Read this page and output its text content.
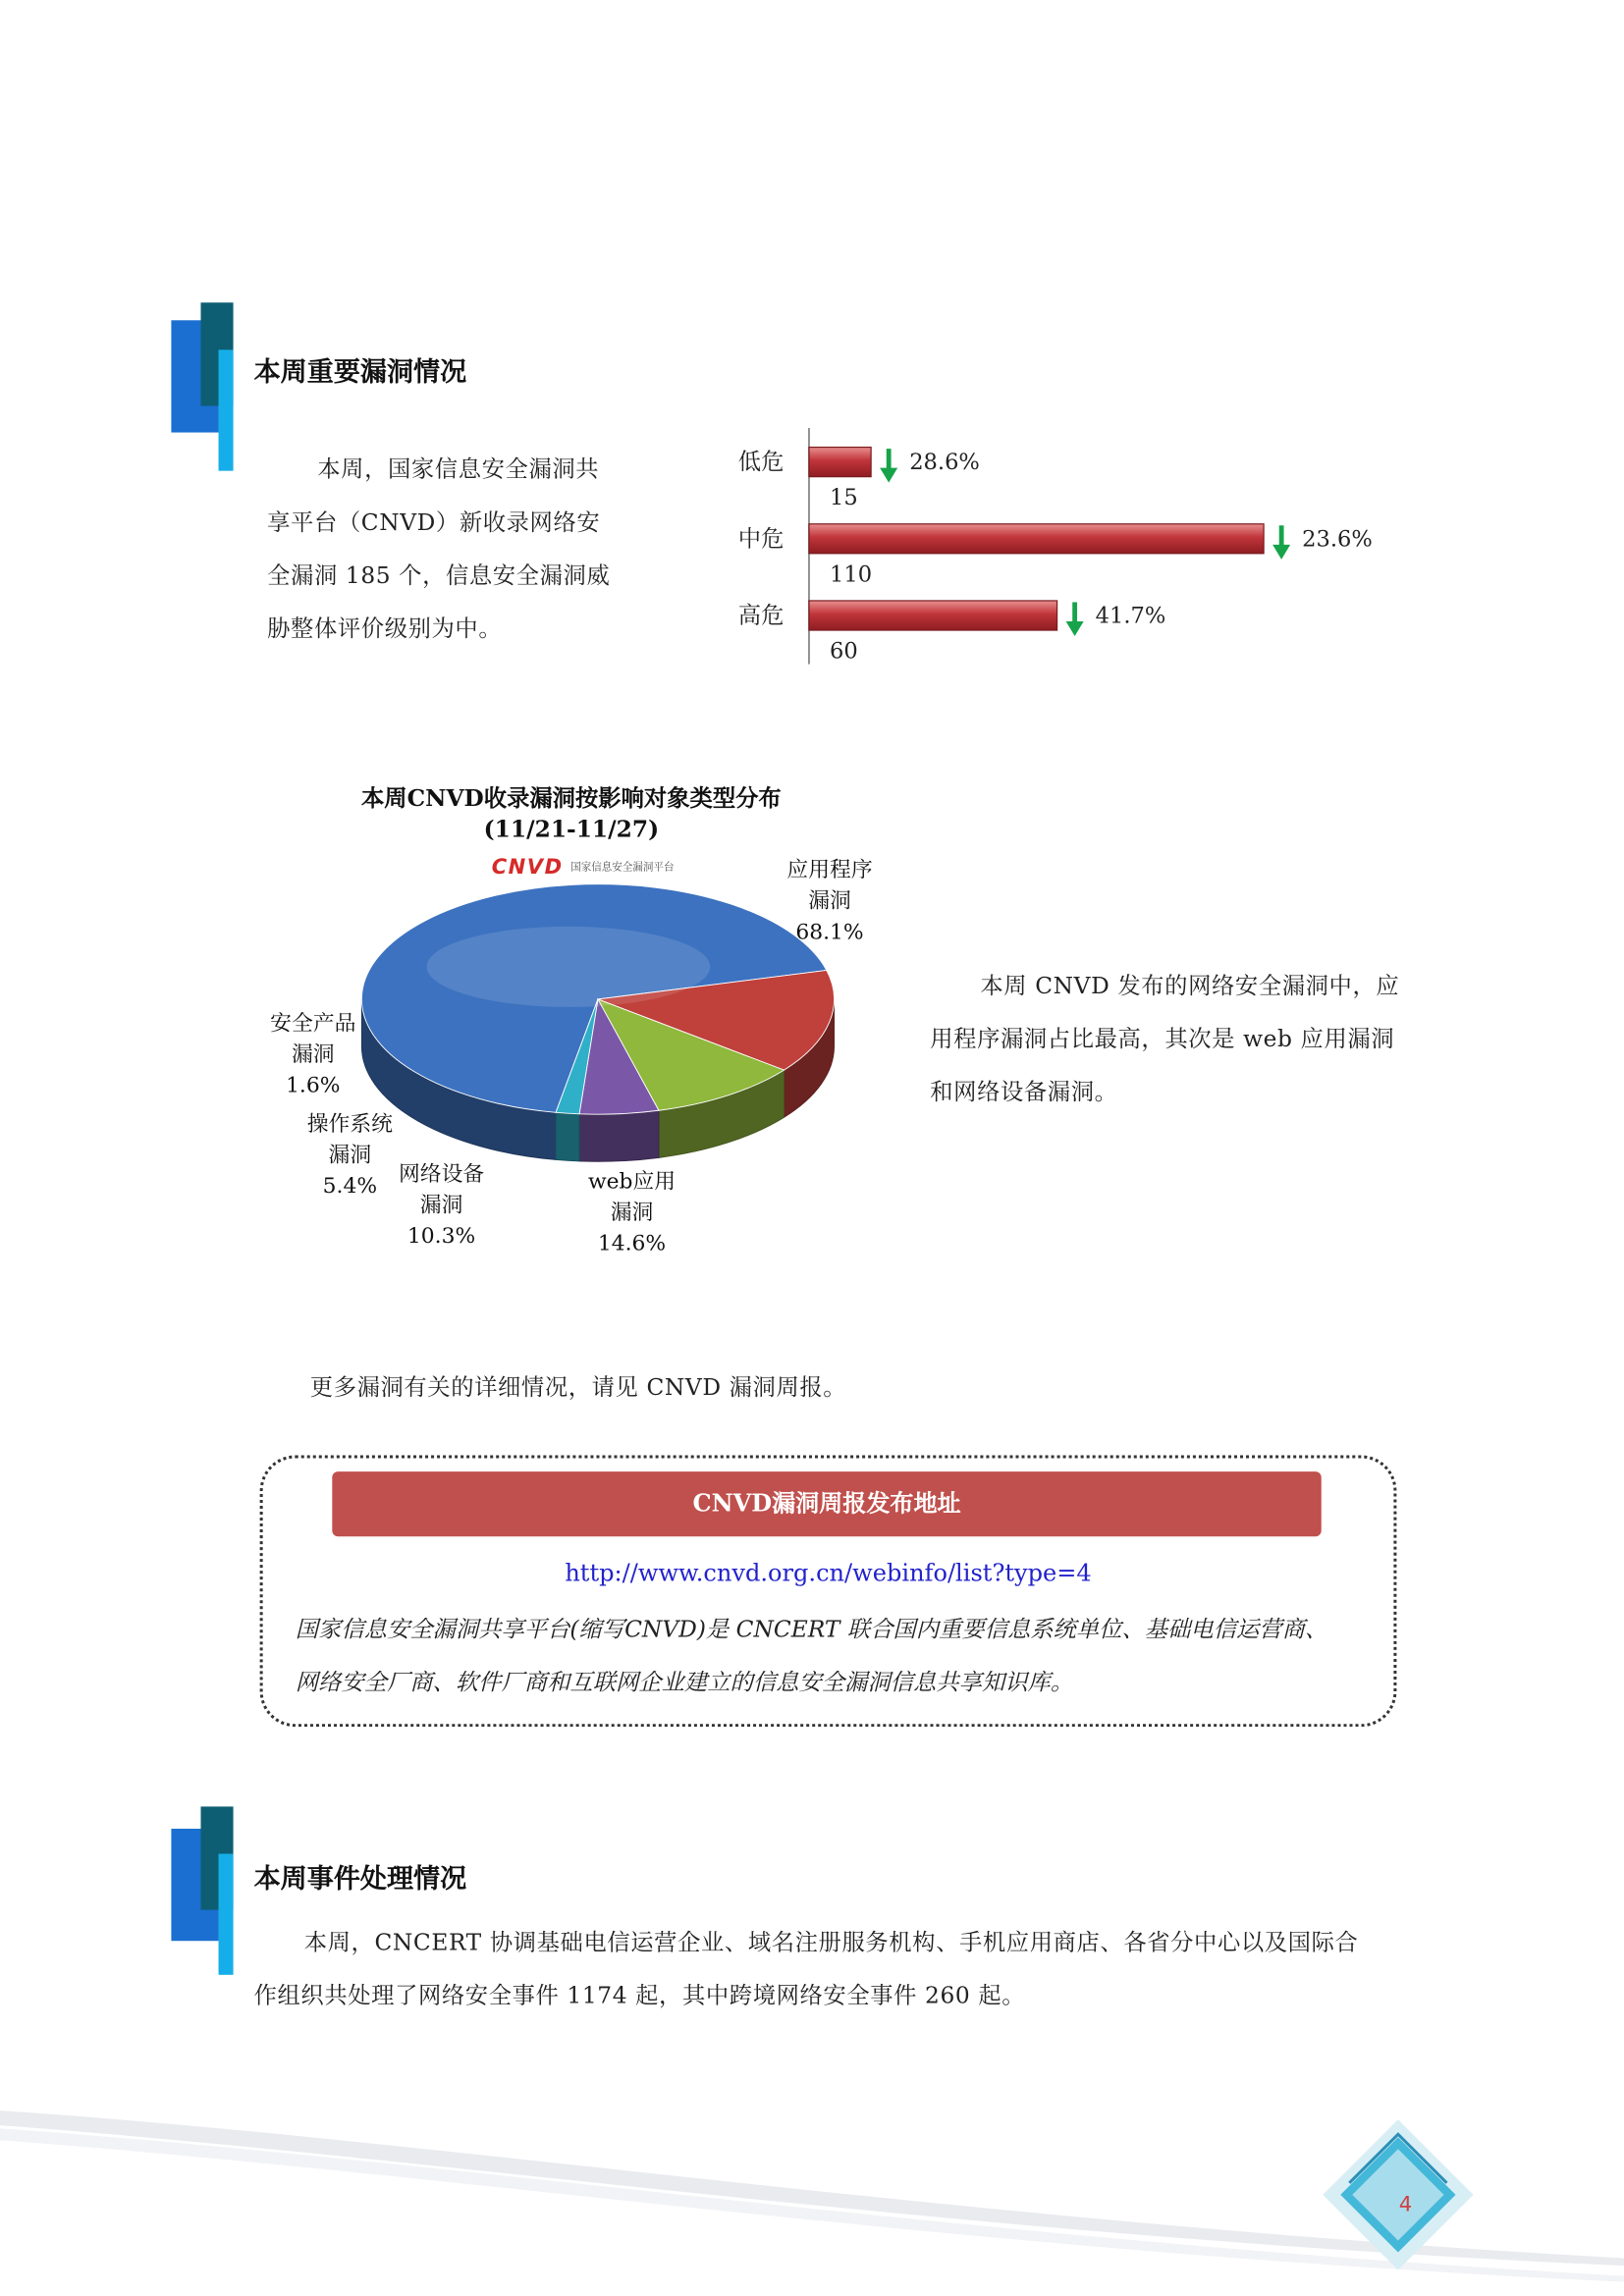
本周重要漏洞情况

本周，国家信息安全漏洞共

享平台（CNVD）新收录网络安

全漏洞 185 个，信息安全漏洞威

胁整体评价级别为中。

低危	28.6%
15
中危	23.6%
110
高危	41.7%
60
本周CNVD收录漏洞按影响对象类型分布
(11/21-11/27)
CNVD 国家信息安全漏洞平台	应用程序
漏洞
68.1%
安全产品
漏洞
1.6%
操作系统
漏洞
5.4%	网络设备
漏洞
10.3%
web应用
漏洞
14.6%

本周 CNVD 发布的网络安全漏洞中，应

用程序漏洞占比最高，其次是 web 应用漏洞

和网络设备漏洞。

更多漏洞有关的详细情况，请见 CNVD 漏洞周报。

CNVD漏洞周报发布地址
http://www.cnvd.org.cn/webinfo/list?type=4

国家信息安全漏洞共享平台(缩写CNVD)是 CNCERT 联合国内重要信息系统单位、基础电信运营商、

网络安全厂商、软件厂商和互联网企业建立的信息安全漏洞信息共享知识库。

本周事件处理情况

本周，CNCERT 协调基础电信运营企业、域名注册服务机构、手机应用商店、各省分中心以及国际合

作组织共处理了网络安全事件 1174 起，其中跨境网络安全事件 260 起。

4
